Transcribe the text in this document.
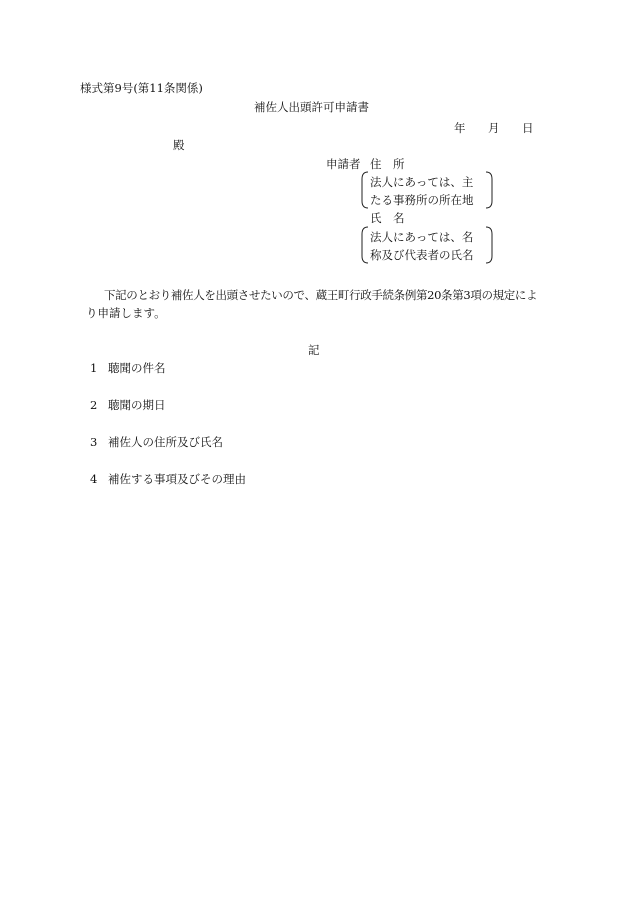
様式第9号(第11条関係)
補佐人出頭許可申請書
年 月 日
殿
申請者 住　所
法人にあっては、主
たる事務所の所在地
氏　名
法人にあっては、名
称及び代表者の氏名
下記のとおり補佐人を出頭させたいので、蔵王町行政手続条例第20条第3項の規定によ
り申請します。
記
1 聴聞の件名
2 聴聞の期日
3 補佐人の住所及び氏名
4 補佐する事項及びその理由
